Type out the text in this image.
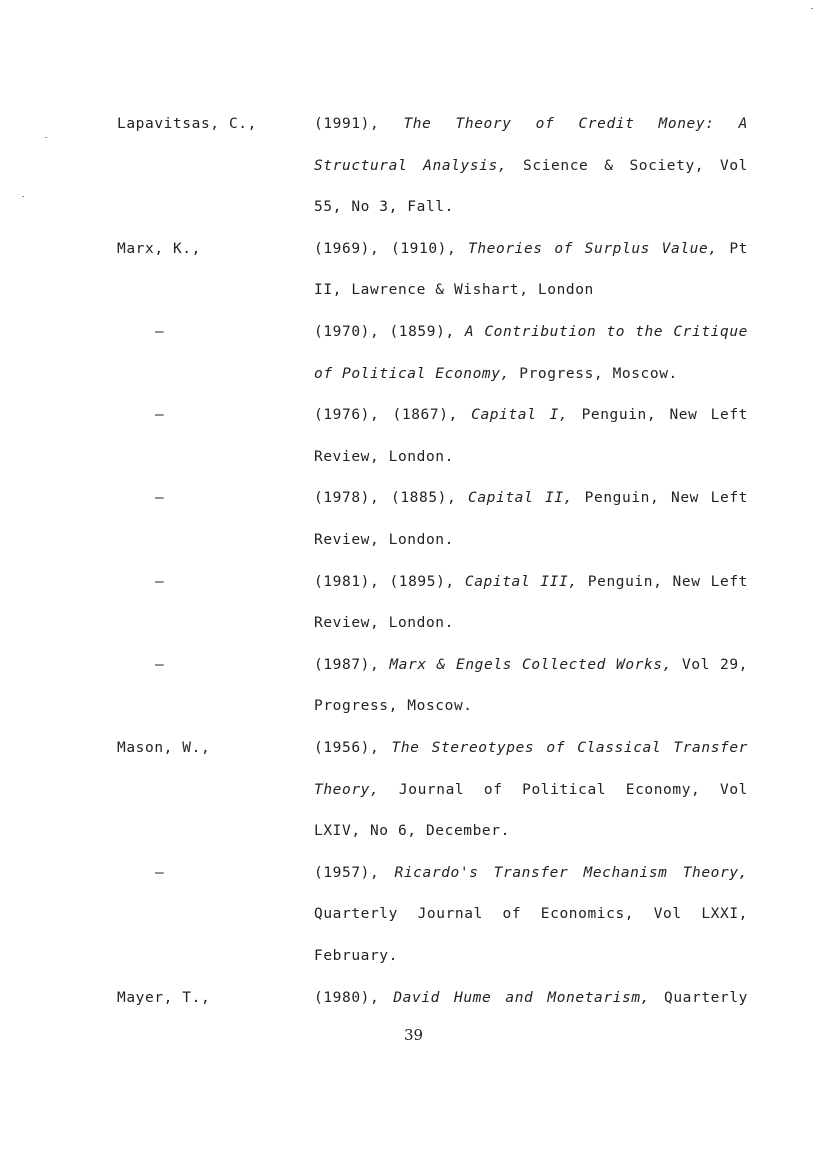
39
Lapavitsas, C.,	(1991), The Theory of Credit Money: A
Structural Analysis, Science & Society, Vol
55, No 3, Fall.
Marx, K.,	(1969), (1910), Theories of Surplus Value, Pt
II, Lawrence & Wishart, London
–	(1970), (1859), A Contribution to the Critique
of Political Economy, Progress, Moscow.
–	(1976), (1867), Capital I, Penguin, New Left
Review, London.
–	(1978), (1885), Capital II, Penguin, New Left
Review, London.
–	(1981), (1895), Capital III, Penguin, New Left
Review, London.
–	(1987), Marx & Engels Collected Works, Vol 29,
Progress, Moscow.
Mason, W.,	(1956), The Stereotypes of Classical Transfer
Theory, Journal of Political Economy, Vol
LXIV, No 6, December.
–	(1957), Ricardo's Transfer Mechanism Theory,
Quarterly Journal of Economics, Vol LXXI,
February.
Mayer, T.,	(1980), David Hume and Monetarism, Quarterly
